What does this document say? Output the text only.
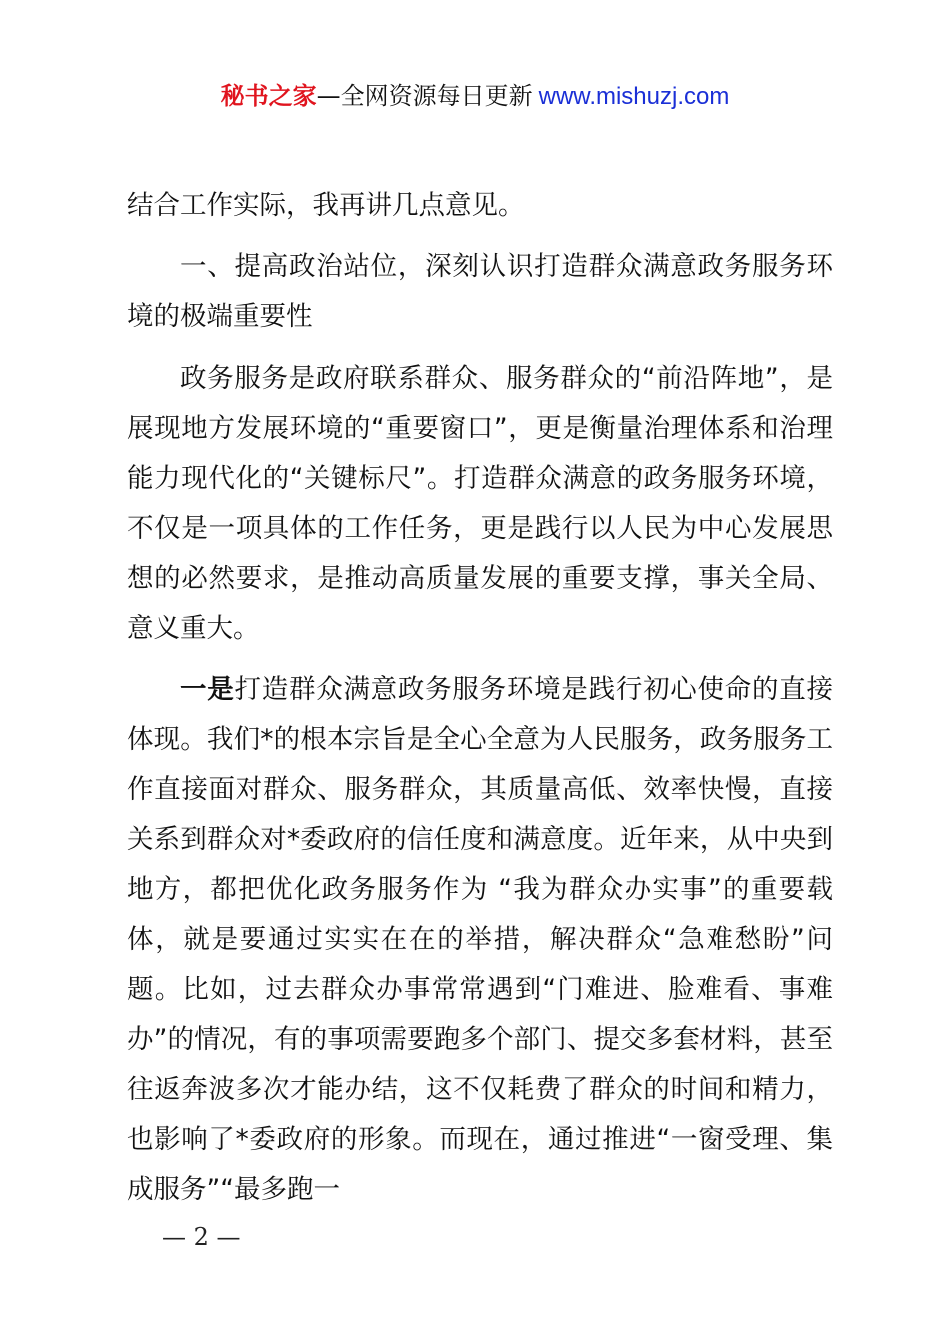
秘书之家—全网资源每日更新 www.mishuzj.com

结合工作实际，我再讲几点意见。

一、提高政治站位，深刻认识打造群众满意政务服务环境的极端重要性

政务服务是政府联系群众、服务群众的“前沿阵地”，是展现地方发展环境的“重要窗口”，更是衡量治理体系和治理能力现代化的“关键标尺”。打造群众满意的政务服务环境，不仅是一项具体的工作任务，更是践行以人民为中心发展思想的必然要求，是推动高质量发展的重要支撑，事关全局、意义重大。

一是打造群众满意政务服务环境是践行初心使命的直接体现。我们*的根本宗旨是全心全意为人民服务，政务服务工作直接面对群众、服务群众，其质量高低、效率快慢，直接关系到群众对*委政府的信任度和满意度。近年来，从中央到地方，都把优化政务服务作为 “我为群众办实事”的重要载体，就是要通过实实在在的举措，解决群众“急难愁盼”问题。比如，过去群众办事常常遇到“门难进、脸难看、事难办”的情况，有的事项需要跑多个部门、提交多套材料，甚至往返奔波多次才能办结，这不仅耗费了群众的时间和精力，也影响了*委政府的形象。而现在，通过推进“一窗受理、集成服务”“最多跑一

— 2 —
